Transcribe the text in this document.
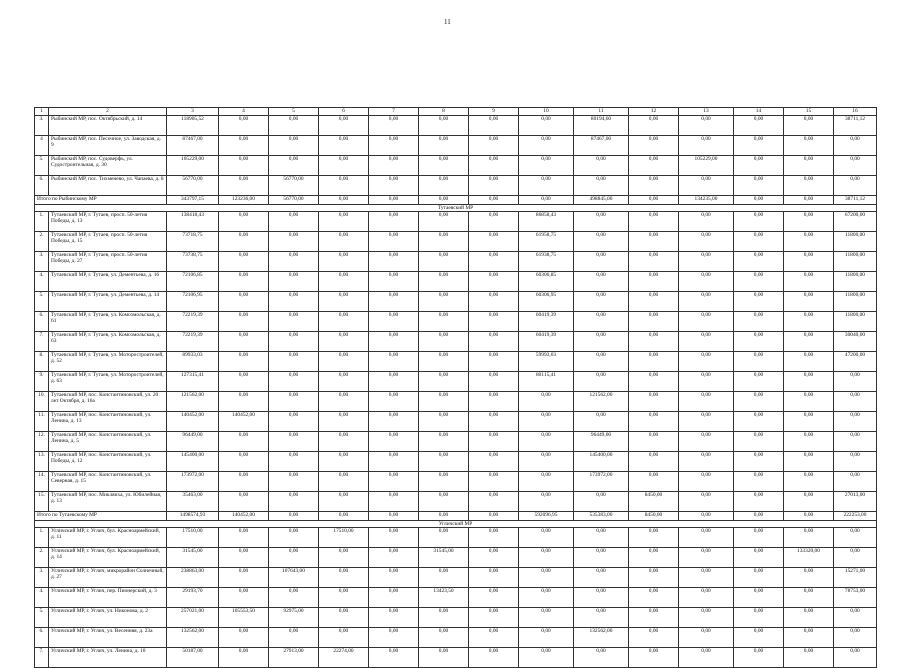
11
1	2	3	4	5	6	7	8	9	10	11	12	13	14	15	16
3.	Рыбинский МР, пос. Октябрьский, д. 14	118905,52	0,00	0,00	0,00	0,00	0,00	0,00	0,00	80194,60	0,00	0,00	0,00	0,00	38711,12
4	Рыбинский МР, пос. Песочное, ул. Заводская, д. 9	87467,00	0,00	0,00	0,00	0,00	0,00	0,00	0,00	87467,00	0,00	0,00	0,00	0,00	0,00
5.	Рыбинский МР, пос. Судоверфь, ул. Судостроительная, д. 30	105229,00	0,00	0,00	0,00	0,00	0,00	0,00	0,00	0,00	0,00	105229,00	0,00	0,00	0,00
6.	Рыбинский МР, пос. Тихменево, ул. Чапаева, д. 8	56770,00	0,00	56770,00	0,00	0,00	0,00	0,00	0,00	0,00	0,00	0,00	0,00	0,00	0,00
Итого по Рыбинскому МР		343797,15	123236,00	56770,00	0,00	0,00	0,00	0,00	0,00	498845,00	0,00	134235,00	0,00	0,00	38711,12
Тутаевский МР															
1.	Тутаевский МР, г. Тутаев, просп. 50-летия Победы, д. 13	138418,43	0,00	0,00	0,00	0,00	0,00	0,00	86858,43	0,00	0,00	0,00	0,00	0,00	67200,00
2.	Тутаевский МР, г. Тутаев, просп. 50-летия Победы, д. 15	73718,75	0,00	0,00	0,00	0,00	0,00	0,00	61958,75	0,00	0,00	0,00	0,00	0,00	11800,00
3.	Тутаевский МР, г. Тутаев, просп. 50-летия Победы, д. 27	73738,75	0,00	0,00	0,00	0,00	0,00	0,00	61938,75	0,00	0,00	0,00	0,00	0,00	11800,00
4.	Тутаевский МР, г. Тутаев, ул. Дементьева, д. 16	72106,85	0,00	0,00	0,00	0,00	0,00	0,00	60306,85	0,00	0,00	0,00	0,00	0,00	11800,00
5.	Тутаевский МР, г. Тутаев, ул. Дементьева, д. 14	72106,95	0,00	0,00	0,00	0,00	0,00	0,00	60306,95	0,00	0,00	0,00	0,00	0,00	11800,00
6.	Тутаевский МР, г. Тутаев, ул. Комсомольская, д. 61	72219,39	0,00	0,00	0,00	0,00	0,00	0,00	60419,39	0,00	0,00	0,00	0,00	0,00	11800,00
7.	Тутаевский МР, г. Тутаев, ул. Комсомольская, д. 63	72219,39	0,00	0,00	0,00	0,00	0,00	0,00	60419,39	0,00	0,00	0,00	0,00	0,00	30040,00
8.	Тутаевский МР, г. Тутаев, ул. Моторостроителей, д. 52	89933,03	0,00	0,00	0,00	0,00	0,00	0,00	59993,03	0,00	0,00	0,00	0,00	0,00	47200,00
9.	Тутаевский МР, г. Тутаев, ул. Моторостроителей, д. 63	127315,41	0,00	0,00	0,00	0,00	0,00	0,00	80115,41	0,00	0,00	0,00	0,00	0,00	0,00
10.	Тутаевский МР, пос. Константиновский, ул. 20 лет Октября, д. 16а	121562,00	0,00	0,00	0,00	0,00	0,00	0,00	0,00	121562,00	0,00	0,00	0,00	0,00	0,00
11.	Тутаевский МР, пос. Константиновский, ул. Ленина, д. 13	140452,00	140452,00	0,00	0,00	0,00	0,00	0,00	0,00	0,00	0,00	0,00	0,00	0,00	0,00
12.	Тутаевский МР, пос. Константиновский, ул. Ленина, д. 5	96449,00	0,00	0,00	0,00	0,00	0,00	0,00	0,00	96449,00	0,00	0,00	0,00	0,00	0,00
13.	Тутаевский МР, пос. Константиновский, ул. Победы, д. 12	145400,00	0,00	0,00	0,00	0,00	0,00	0,00	0,00	145400,00	0,00	0,00	0,00	0,00	0,00
14.	Тутаевский МР, пос. Константиновский, ул. Северная, д. 15	173972,00	0,00	0,00	0,00	0,00	0,00	0,00	0,00	173972,00	0,00	0,00	0,00	0,00	0,00
15.	Тутаевский МР, пос. Микляиха, ул. Юбилейная, д. 13	35463,00	0,00	0,00	0,00	0,00	0,00	0,00	0,00	0,00	8450,00	0,00	0,00	0,00	27013,00
Итого по Тутаевскому МР		1498574,93	140452,00	0,00	0,00	0,00	0,00	0,00	592096,95	535383,00	8450,00	0,00	0,00	0,00	222253,00
Угличский МР															
1.	Угличский МР, г. Углич, бул. Красноармейский, д. 11	17510,00	0,00	0,00	17510,00	0,00	0,00	0,00	0,00	0,00	0,00	0,00	0,00	0,00	0,00
2.	Угличский МР, г. Углич, бул. Красноармейский, д. 14	31545,00	0,00	0,00	0,00	0,00	31545,00	0,00	0,00	0,00	0,00	0,00	0,00	133320,00	0,00
3.	Угличский МР, г. Углич, микрорайон Солнечный, д. 27	238863,00	0,00	107643,00	0,00	0,00	0,00	0,00	0,00	0,00	0,00	0,00	0,00	0,00	15271,00
4.	Угличский МР, г. Углич, пер. Пионерский, д. 3	29193,70	0,00	0,00	0,00	0,00	13423,50	0,00	0,00	0,00	0,00	0,00	0,00	0,00	78753,00
5.	Угличский МР, г. Углич, ул. Никонова, д. 2	257021,00	105553,50	92975,00	0,00	0,00	0,00	0,00	0,00	0,00	0,00	0,00	0,00	0,00	0,00
6.	Угличский МР, г. Углич, ул. Весенняя, д. 23а	132562,00	0,00	0,00	0,00	0,00	0,00	0,00	0,00	132562,00	0,00	0,00	0,00	0,00	0,00
7.	Угличский МР, г. Углич, ул. Ленина, д. 10	50187,00	0,00	27913,00	22274,00	0,00	0,00	0,00	0,00	0,00	0,00	0,00	0,00	0,00	0,00
